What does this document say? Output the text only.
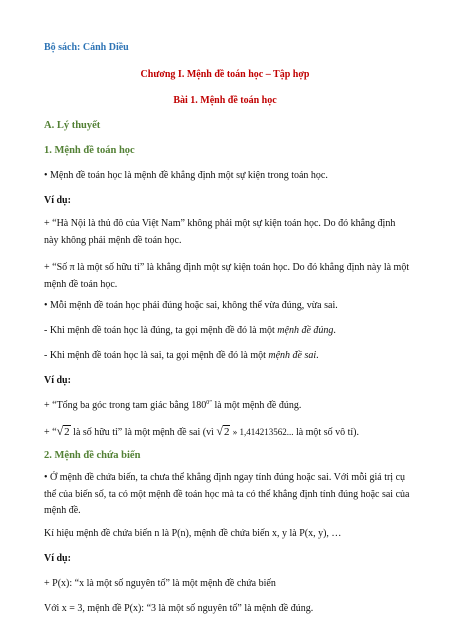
Bộ sách: Cánh Diều
Chương I. Mệnh đề toán học – Tập hợp
Bài 1. Mệnh đề toán học
A. Lý thuyết
1. Mệnh đề toán học
• Mệnh đề toán học là mệnh đề khẳng định một sự kiện trong toán học.
Ví dụ:
+ “Hà Nội là thủ đô của Việt Nam” không phải một sự kiện toán học. Do đó khẳng định này không phải mệnh đề toán học.
+ “Số π là một số hữu tỉ” là khẳng định một sự kiện toán học. Do đó khẳng định này là một mệnh đề toán học.
• Mỗi mệnh đề toán học phải đúng hoặc sai, không thể vừa đúng, vừa sai.
- Khi mệnh đề toán học là đúng, ta gọi mệnh đề đó là một mệnh đề đúng.
- Khi mệnh đề toán học là sai, ta gọi mệnh đề đó là một mệnh đề sai.
Ví dụ:
+ “Tổng ba góc trong tam giác bằng $180^{0”}$ là một mệnh đề đúng.
+ “√2 là số hữu tỉ” là một mệnh đề sai (vì √2 » 1,414213562... là một số vô tỉ).
2. Mệnh đề chứa biến
• Ở mệnh đề chứa biến, ta chưa thể khẳng định ngay tính đúng hoặc sai. Với mỗi giá trị cụ thể của biến số, ta có một mệnh đề toán học mà ta có thể khẳng định tính đúng hoặc sai của mệnh đề.
Kí hiệu mệnh đề chứa biến n là P(n), mệnh đề chứa biến x, y là P(x, y), …
Ví dụ:
+ P(x): “x là một số nguyên tố” là một mệnh đề chứa biến
Với x = 3, mệnh đề P(x): “3 là một số nguyên tố” là mệnh đề đúng.
